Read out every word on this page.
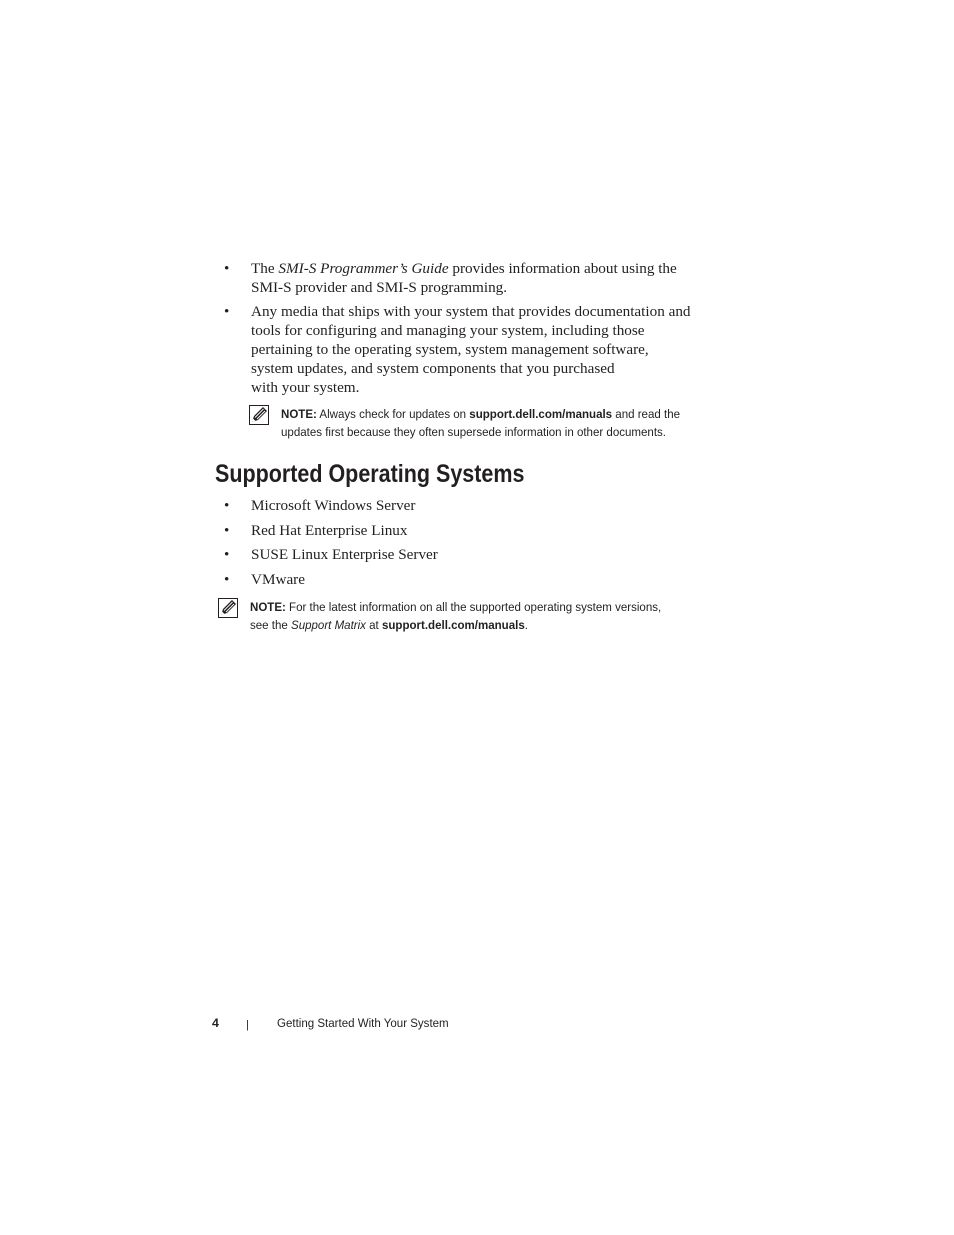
• The SMI-S Programmer’s Guide provides information about using the
SMI-S provider and SMI-S programming.
• Any media that ships with your system that provides documentation and
tools for configuring and managing your system, including those
pertaining to the operating system, system management software,
system updates, and system components that you purchased
with your system.
NOTE: Always check for updates on support.dell.com/manuals and read the
updates first because they often supersede information in other documents.
Supported Operating Systems
• Microsoft Windows Server
• Red Hat Enterprise Linux
• SUSE Linux Enterprise Server
• VMware
NOTE: For the latest information on all the supported operating system versions,
see the Support Matrix at support.dell.com/manuals.
4 | Getting Started With Your System
